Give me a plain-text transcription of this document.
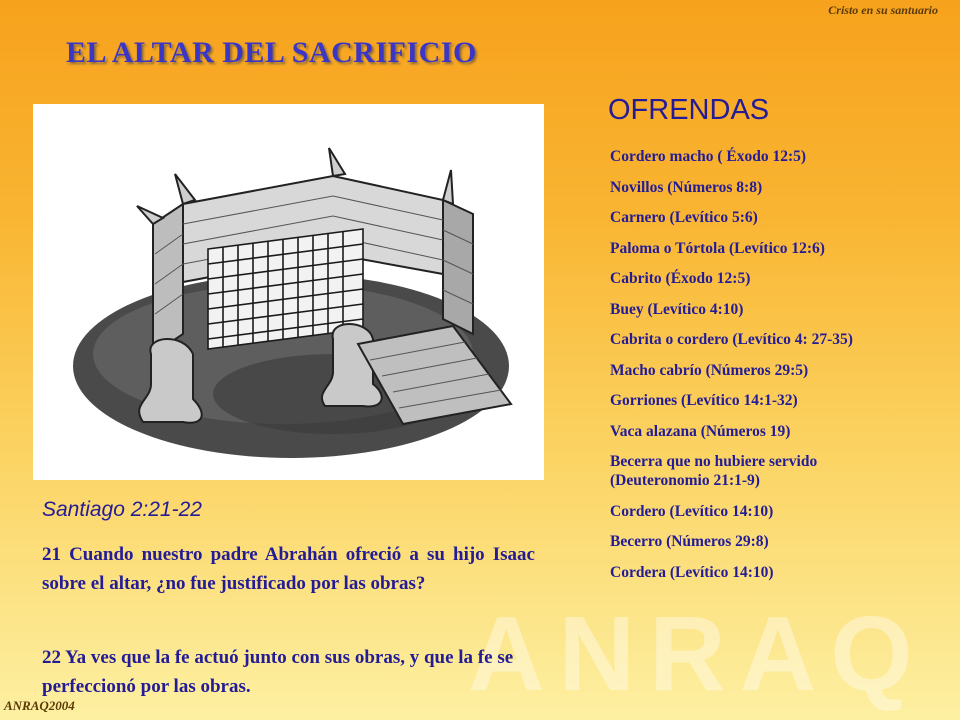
Cristo en su santuario
EL ALTAR DEL SACRIFICIO
OFRENDAS
Cordero macho ( Éxodo 12:5)
Novillos (Números 8:8)
Carnero (Levítico 5:6)
Paloma o Tórtola (Levítico 12:6)
Cabrito (Éxodo 12:5)
Buey (Levítico 4:10)
Cabrita o cordero (Levítico 4: 27-35)
Macho cabrío (Números 29:5)
Gorriones (Levítico 14:1-32)
Vaca alazana (Números 19)
Becerra que no hubiere servido (Deuteronomio 21:1-9)
Cordero (Levítico 14:10)
Becerro (Números 29:8)
Cordera (Levítico 14:10)
ANRAQ
Santiago 2:21-22

21 Cuando nuestro padre Abrahán ofreció a su hijo Isaac sobre el altar, ¿no fue justificado por las obras?

22 Ya ves que la fe actuó junto con sus obras, y que la fe se perfeccionó por las obras.

ANRAQ2004
